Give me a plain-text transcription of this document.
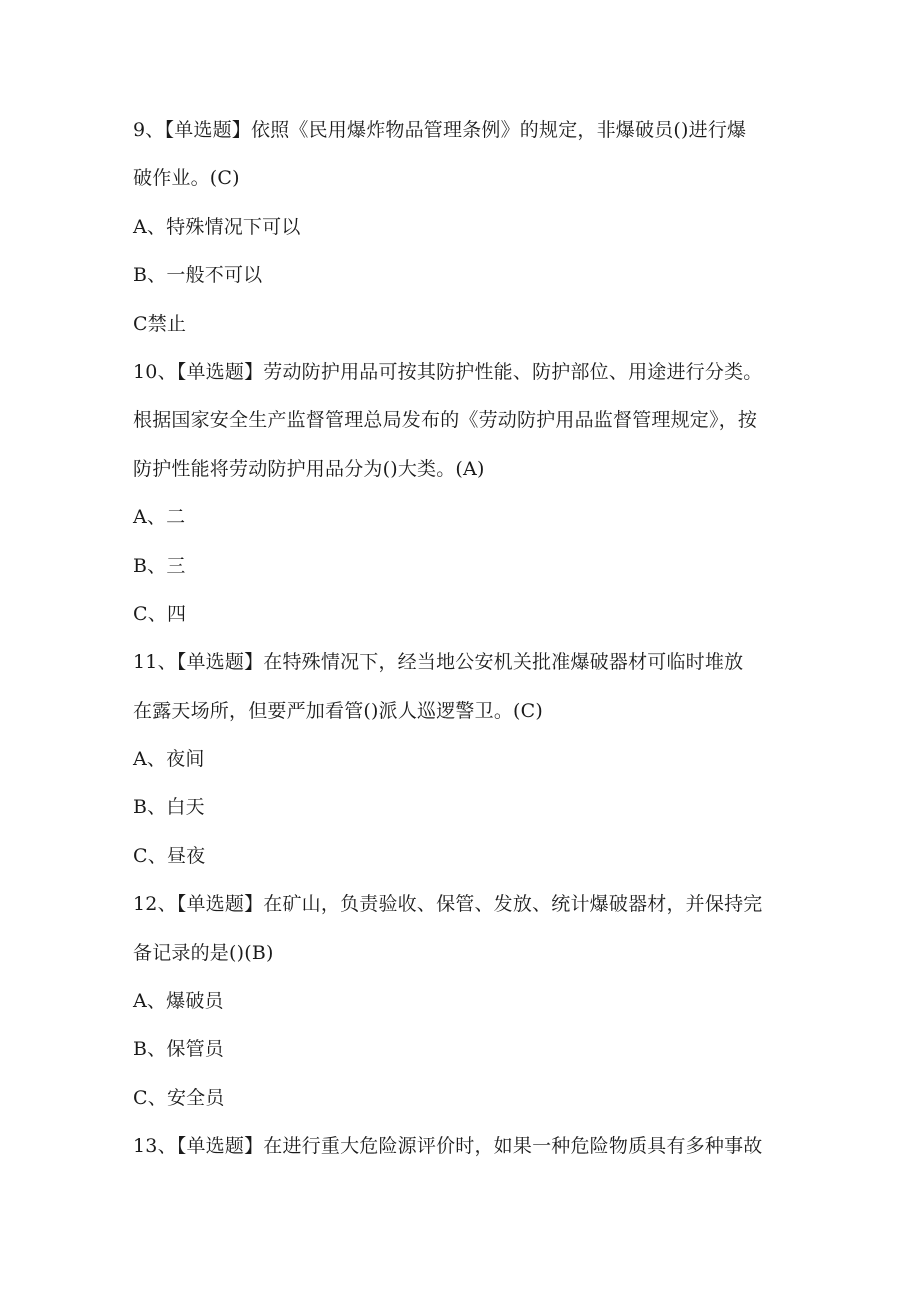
9、【单选题】依照《民用爆炸物品管理条例》的规定，非爆破员()进行爆
破作业。(C)
A、特殊情况下可以
B、一般不可以
C禁止
10、【单选题】劳动防护用品可按其防护性能、防护部位、用途进行分类。
根据国家安全生产监督管理总局发布的《劳动防护用品监督管理规定》，按
防护性能将劳动防护用品分为()大类。(A)
A、二
B、三
C、四
11、【单选题】在特殊情况下，经当地公安机关批准爆破器材可临时堆放
在露天场所，但要严加看管()派人巡逻警卫。(C)
A、夜间
B、白天
C、昼夜
12、【单选题】在矿山，负责验收、保管、发放、统计爆破器材，并保持完
备记录的是()(B)
A、爆破员
B、保管员
C、安全员
13、【单选题】在进行重大危险源评价时，如果一种危险物质具有多种事故
